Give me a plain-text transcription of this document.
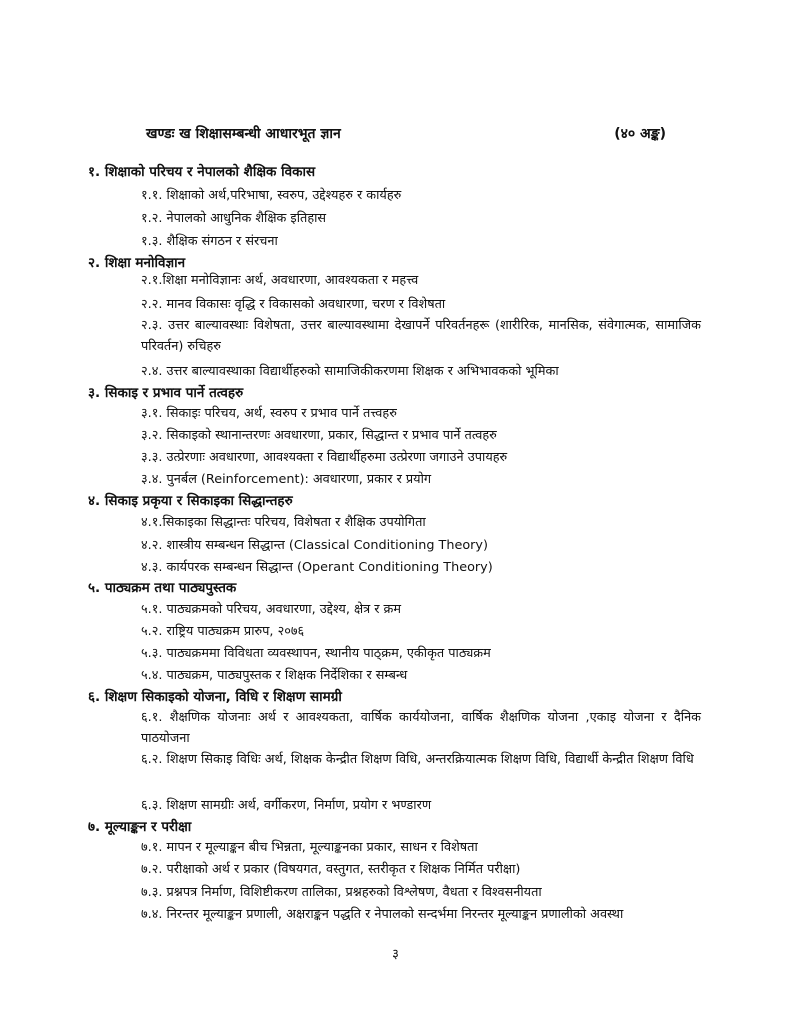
खण्डः ख शिक्षासम्बन्धी आधारभूत ज्ञान	(४० अङ्क)
१. शिक्षाको परिचय र नेपालको शैक्षिक विकास
१.१. शिक्षाको अर्थ,परिभाषा, स्वरुप, उद्देश्यहरु र कार्यहरु
१.२. नेपालको आधुनिक शैक्षिक इतिहास
१.३. शैक्षिक संगठन र संरचना
२. शिक्षा मनोविज्ञान
२.१.शिक्षा मनोविज्ञानः अर्थ, अवधारणा, आवश्यकता र महत्त्व
२.२. मानव विकासः वृद्धि र विकासको अवधारणा, चरण र विशेषता
२.३. उत्तर बाल्यावस्थाः विशेषता, उत्तर बाल्यावस्थामा देखापर्ने परिवर्तनहरू (शारीरिक, मानसिक, संवेगात्मक, सामाजिक परिवर्तन) रुचिहरु
२.४. उत्तर बाल्यावस्थाका विद्यार्थीहरुको सामाजिकीकरणमा शिक्षक र अभिभावकको भूमिका
३. सिकाइ र प्रभाव पार्ने तत्वहरु
३.१. सिकाइः परिचय, अर्थ, स्वरुप र प्रभाव पार्ने तत्त्वहरु
३.२. सिकाइको स्थानान्तरणः अवधारणा, प्रकार, सिद्धान्त र प्रभाव पार्ने तत्वहरु
३.३. उत्प्रेरणाः अवधारणा, आवश्यक्ता र विद्यार्थीहरुमा उत्प्रेरणा जगाउने उपायहरु
३.४. पुनर्बल (Reinforcement): अवधारणा, प्रकार र प्रयोग
४. सिकाइ प्रकृया र सिकाइका सिद्धान्तहरु
४.१.सिकाइका सिद्धान्तः परिचय, विशेषता र शैक्षिक उपयोगिता
४.२. शास्त्रीय सम्बन्धन सिद्धान्त (Classical Conditioning Theory)
४.३. कार्यपरक सम्बन्धन सिद्धान्त (Operant Conditioning Theory)
५. पाठ्यक्रम तथा पाठ्यपुस्तक
५.१. पाठ्यक्रमको परिचय, अवधारणा, उद्देश्य, क्षेत्र र क्रम
५.२. राष्ट्रिय पाठ्यक्रम प्रारुप, २०७६
५.३. पाठ्यक्रममा विविधता व्यवस्थापन, स्थानीय पाठ्क्रम, एकीकृत पाठ्यक्रम
५.४. पाठ्यक्रम, पाठ्यपुस्तक र शिक्षक निर्देशिका र सम्बन्ध
६. शिक्षण सिकाइको योजना, विधि र शिक्षण सामग्री
६.१. शैक्षणिक योजनाः अर्थ र आवश्यकता, वार्षिक कार्ययोजना, वार्षिक शैक्षणिक योजना ,एकाइ योजना र दैनिक पाठयोजना
६.२. शिक्षण सिकाइ विधिः अर्थ, शिक्षक केन्द्रीत शिक्षण विधि, अन्तरक्रियात्मक शिक्षण विधि, विद्यार्थी केन्द्रीत शिक्षण विधि
६.३. शिक्षण सामग्रीः अर्थ, वर्गीकरण, निर्माण, प्रयोग र भण्डारण
७. मूल्याङ्कन र परीक्षा
७.१. मापन र मूल्याङ्कन बीच भिन्नता, मूल्याङ्कनका प्रकार, साधन र विशेषता
७.२. परीक्षाको अर्थ र प्रकार (विषयगत, वस्तुगत, स्तरीकृत र शिक्षक निर्मित परीक्षा)
७.३. प्रश्नपत्र निर्माण, विशिष्टीकरण तालिका, प्रश्नहरुको विश्लेषण, वैधता र विश्वसनीयता
७.४. निरन्तर मूल्याङ्कन प्रणाली, अक्षराङ्कन पद्धति र नेपालको सन्दर्भमा निरन्तर मूल्याङ्कन प्रणालीको अवस्था
३
